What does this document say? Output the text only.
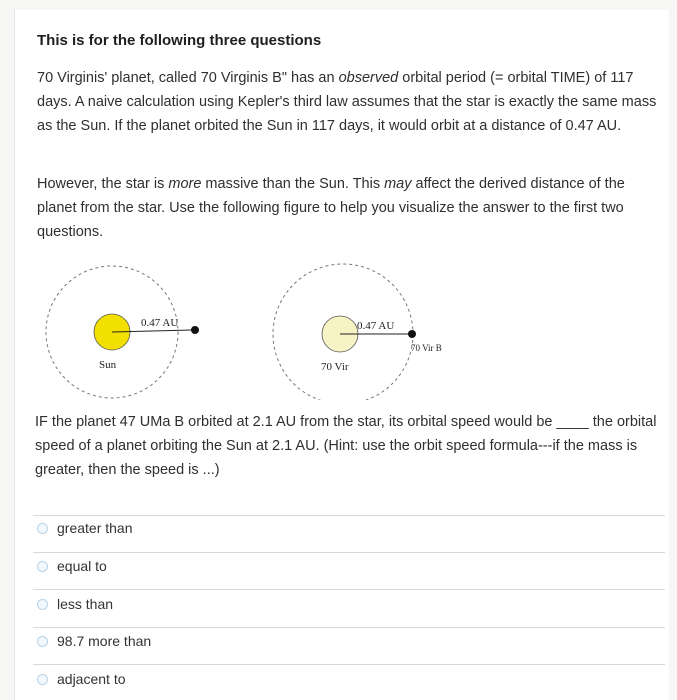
This is for the following three questions

70 Virginis' planet, called 70 Virginis B" has an observed orbital period (= orbital TIME) of 117 days. A naive calculation using Kepler's third law assumes that the star is exactly the same mass as the Sun. If the planet orbited the Sun in 117 days, it would orbit at a distance of 0.47 AU.

However, the star is more massive than the Sun. This may affect the derived distance of the planet from the star. Use the following figure to help you visualize the answer to the first two questions.

0.47 AU
Sun
0.47 AU
70 Vir B
70 Vir

IF the planet 47 UMa B orbited at 2.1 AU from the star, its orbital speed would be ____ the orbital speed of a planet orbiting the Sun at 2.1 AU. (Hint: use the orbit speed formula---if the mass is greater, then the speed is ...)

greater than
equal to
less than
98.7 more than
adjacent to
